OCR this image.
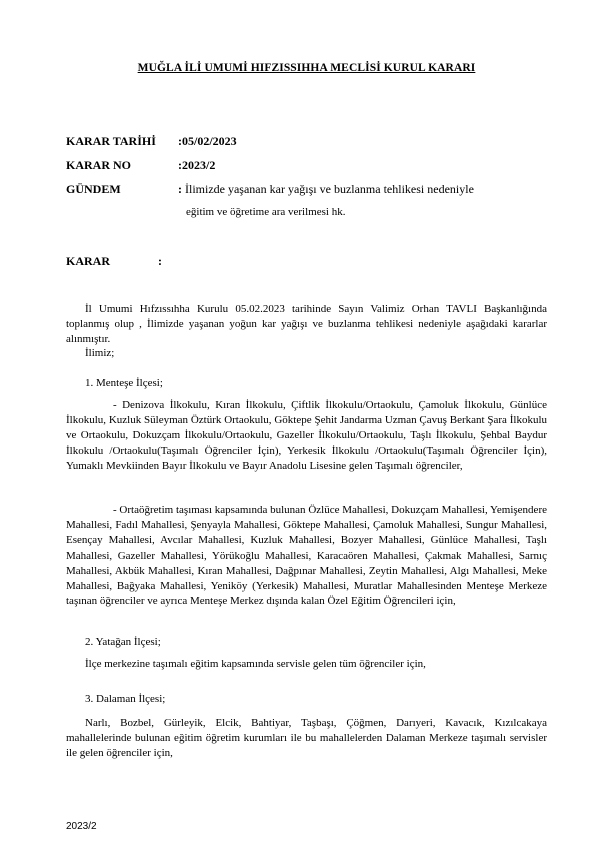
MUĞLA İLİ UMUMİ HIFZISSIHHA MECLİSİ KURUL KARARI
KARAR TARİHİ :05/02/2023
KARAR NO	:2023/2
GÜNDEM	: İlimizde yaşanan kar yağışı ve buzlanma tehlikesi nedeniyle
eğitim ve öğretime ara verilmesi hk.
KARAR	:
İl Umumi Hıfzıssıhha Kurulu 05.02.2023 tarihinde Sayın Valimiz Orhan TAVLI Başkanlığında toplanmış olup , İlimizde yaşanan yoğun kar yağışı ve buzlanma tehlikesi nedeniyle aşağıdaki kararlar alınmıştır.
İlimiz;
1. Menteşe İlçesi;
- Denizova İlkokulu, Kıran İlkokulu, Çiftlik İlkokulu/Ortaokulu, Çamoluk İlkokulu, Günlüce İlkokulu, Kuzluk Süleyman Öztürk Ortaokulu, Göktepe Şehit Jandarma Uzman Çavuş Berkant Şara İlkokulu ve Ortaokulu, Dokuzçam İlkokulu/Ortaokulu, Gazeller İlkokulu/Ortaokulu, Taşlı İlkokulu, Şehbal Baydur İlkokulu /Ortaokulu(Taşımalı Öğrenciler İçin), Yerkesik İlkokulu /Ortaokulu(Taşımalı Öğrenciler İçin), Yumaklı Mevkiinden Bayır İlkokulu ve Bayır Anadolu Lisesine gelen Taşımalı öğrenciler,
- Ortaöğretim taşıması kapsamında bulunan Özlüce Mahallesi, Dokuzçam Mahallesi, Yemişendere Mahallesi, Fadıl Mahallesi, Şenyayla Mahallesi, Göktepe Mahallesi, Çamoluk Mahallesi, Sungur Mahallesi, Esençay Mahallesi, Avcılar Mahallesi, Kuzluk Mahallesi, Bozyer Mahallesi, Günlüce Mahallesi, Taşlı Mahallesi, Gazeller Mahallesi, Yörükoğlu Mahallesi, Karacaören Mahallesi, Çakmak Mahallesi, Sarnıç Mahallesi, Akbük Mahallesi, Kıran Mahallesi, Dağpınar Mahallesi, Zeytin Mahallesi, Algı Mahallesi, Meke Mahallesi, Bağyaka Mahallesi, Yeniköy (Yerkesik) Mahallesi, Muratlar Mahallesinden Menteşe Merkeze taşınan öğrenciler ve ayrıca Menteşe Merkez dışında kalan Özel Eğitim Öğrencileri için,
2. Yatağan İlçesi;
İlçe merkezine taşımalı eğitim kapsamında servisle gelen tüm öğrenciler için,
3. Dalaman İlçesi;
Narlı, Bozbel, Gürleyik, Elcik, Bahtiyar, Taşbaşı, Çöğmen, Darıyeri, Kavacık, Kızılcakaya mahallelerinde bulunan eğitim öğretim kurumları ile bu mahallelerden Dalaman Merkeze taşımalı servisler ile gelen öğrenciler için,
2023/2
